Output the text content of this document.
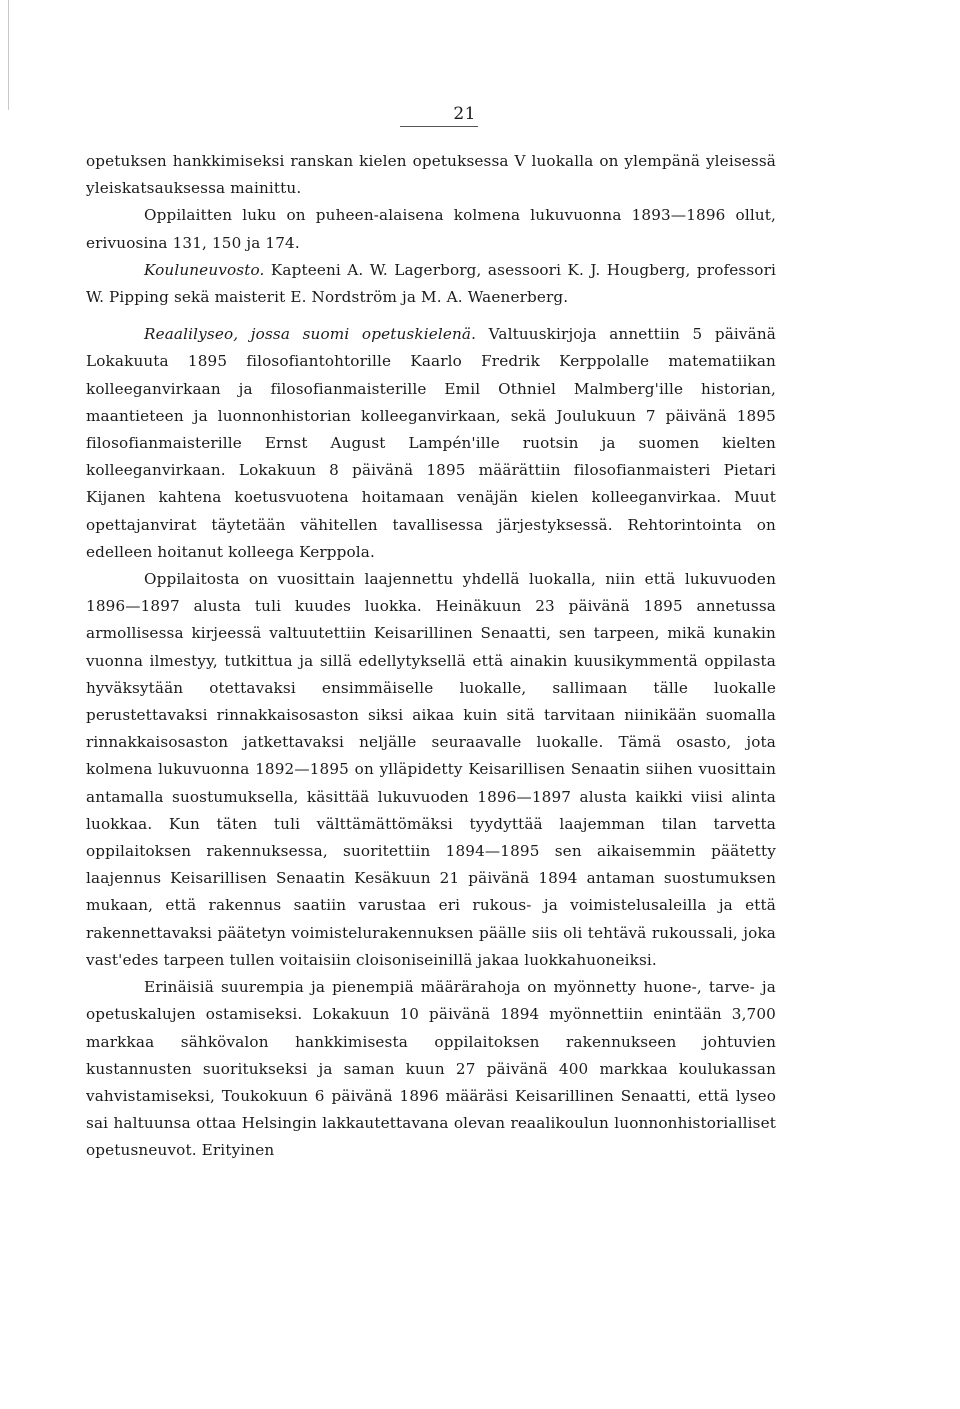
21

opetuksen hankkimiseksi ranskan kielen opetuksessa V luokalla on ylempänä yleisessä yleiskatsauksessa mainittu.

Oppilaitten luku on puheen-alaisena kolmena lukuvuonna 1893—1896 ollut, erivuosina 131, 150 ja 174.

Kouluneuvosto. Kapteeni A. W. Lagerborg, asessoori K. J. Hougberg, professori W. Pipping sekä maisterit E. Nordström ja M. A. Waenerberg.

Reaalilyseo, jossa suomi opetuskielenä. Valtuuskirjoja annettiin 5 päivänä Lokakuuta 1895 filosofiantohtorille Kaarlo Fredrik Kerppolalle matematiikan kolleeganvirkaan ja filosofianmaisterille Emil Othniel Malmberg'ille historian, maantieteen ja luonnonhistorian kolleeganvirkaan, sekä Joulukuun 7 päivänä 1895 filosofianmaisterille Ernst August Lampén'ille ruotsin ja suomen kielten kolleeganvirkaan. Lokakuun 8 päivänä 1895 määrättiin filosofianmaisteri Pietari Kijanen kahtena koetusvuotena hoitamaan venäjän kielen kolleeganvirkaa. Muut opettajanvirat täytetään vähitellen tavallisessa järjestyksessä. Rehtorintointa on edelleen hoitanut kolleega Kerppola.

Oppilaitosta on vuosittain laajennettu yhdellä luokalla, niin että lukuvuoden 1896—1897 alusta tuli kuudes luokka. Heinäkuun 23 päivänä 1895 annetussa armollisessa kirjeessä valtuutettiin Keisarillinen Senaatti, sen tarpeen, mikä kunakin vuonna ilmestyy, tutkittua ja sillä edellytyksellä että ainakin kuusikymmentä oppilasta hyväksytään otettavaksi ensimmäiselle luokalle, sallimaan tälle luokalle perustettavaksi rinnakkaisosaston siksi aikaa kuin sitä tarvitaan niinikään suomalla rinnakkaisosaston jatkettavaksi neljälle seuraavalle luokalle. Tämä osasto, jota kolmena lukuvuonna 1892—1895 on ylläpidetty Keisarillisen Senaatin siihen vuosittain antamalla suostumuksella, käsittää lukuvuoden 1896—1897 alusta kaikki viisi alinta luokkaa. Kun täten tuli välttämättömäksi tyydyttää laajemman tilan tarvetta oppilaitoksen rakennuksessa, suoritettiin 1894—1895 sen aikaisemmin päätetty laajennus Keisarillisen Senaatin Kesäkuun 21 päivänä 1894 antaman suostumuksen mukaan, että rakennus saatiin varustaa eri rukous- ja voimistelusaleilla ja että rakennettavaksi päätetyn voimistelurakennuksen päälle siis oli tehtävä rukoussali, joka vast'edes tarpeen tullen voitaisiin cloisoniseinillä jakaa luokkahuoneiksi.

Erinäisiä suurempia ja pienempiä määrärahoja on myönnetty huone-, tarve- ja opetuskalujen ostamiseksi. Lokakuun 10 päivänä 1894 myönnettiin enintään 3,700 markkaa sähkövalon hankkimisesta oppilaitoksen rakennukseen johtuvien kustannusten suoritukseksi ja saman kuun 27 päivänä 400 markkaa koulukassan vahvistamiseksi, Toukokuun 6 päivänä 1896 määräsi Keisarillinen Senaatti, että lyseo sai haltuunsa ottaa Helsingin lakkautettavana olevan reaalikoulun luonnonhistorialliset opetusneuvot. Erityinen
